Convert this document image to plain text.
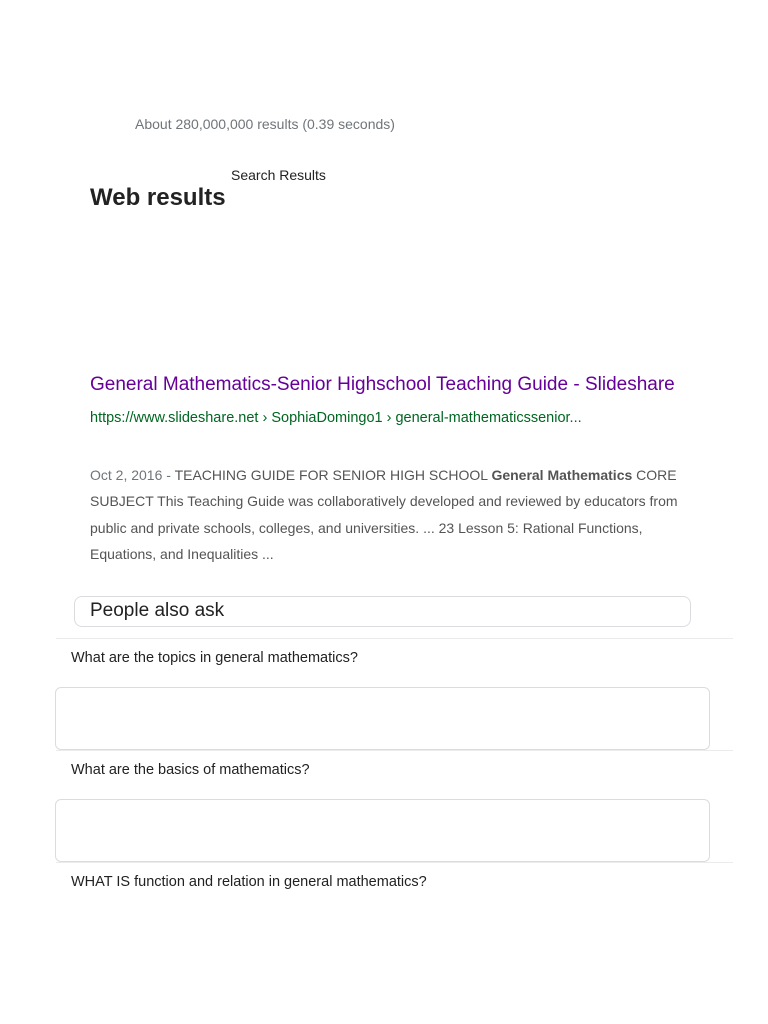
About 280,000,000 results (0.39 seconds)
Search Results
Web results
General Mathematics-Senior Highschool Teaching Guide - Slideshare
https://www.slideshare.net › SophiaDomingo1 › general-mathematicssenior...
Oct 2, 2016 - TEACHING GUIDE FOR SENIOR HIGH SCHOOL General Mathematics CORE SUBJECT This Teaching Guide was collaboratively developed and reviewed by educators from public and private schools, colleges, and universities. ... 23 Lesson 5: Rational Functions, Equations, and Inequalities ...
People also ask
What are the topics in general mathematics?
What are the basics of mathematics?
WHAT IS function and relation in general mathematics?
